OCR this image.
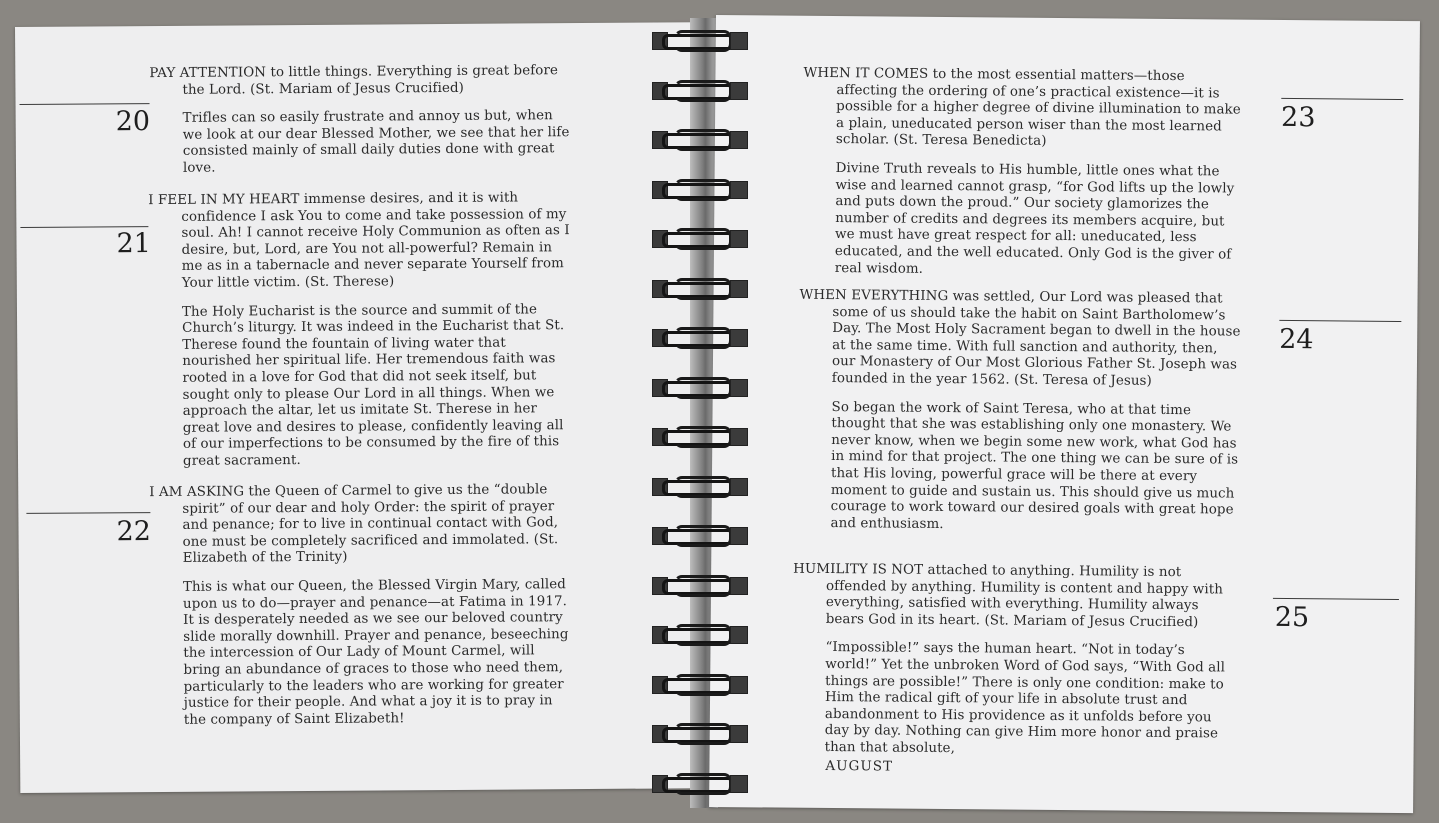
PAY ATTENTION to little things. Everything is great before the Lord. (St. Mariam of Jesus Crucified)

Trifles can so easily frustrate and annoy us but, when we look at our dear Blessed Mother, we see that her life consisted mainly of small daily duties done with great love.

20

I FEEL IN MY HEART immense desires, and it is with confidence I ask You to come and take possession of my soul. Ah! I cannot receive Holy Communion as often as I desire, but, Lord, are You not all-powerful? Remain in me as in a tabernacle and never separate Yourself from Your little victim. (St. Therese)

The Holy Eucharist is the source and summit of the Church’s liturgy. It was indeed in the Eucharist that St. Therese found the fountain of living water that nourished her spiritual life. Her tremendous faith was rooted in a love for God that did not seek itself, but sought only to please Our Lord in all things. When we approach the altar, let us imitate St. Therese in her great love and desires to please, confidently leaving all of our imperfections to be consumed by the fire of this great sacrament.

21

I AM ASKING the Queen of Carmel to give us the “double spirit” of our dear and holy Order: the spirit of prayer and penance; for to live in continual contact with God, one must be completely sacrificed and immolated. (St. Elizabeth of the Trinity)

This is what our Queen, the Blessed Virgin Mary, called upon us to do—prayer and penance—at Fatima in 1917. It is desperately needed as we see our beloved country slide morally downhill. Prayer and penance, beseeching the intercession of Our Lady of Mount Carmel, will bring an abundance of graces to those who need them, particularly to the leaders who are working for greater justice for their people. And what a joy it is to pray in the company of Saint Elizabeth!

22

WHEN IT COMES to the most essential matters—those affecting the ordering of one’s practical existence—it is possible for a higher degree of divine illumination to make a plain, uneducated person wiser than the most learned scholar. (St. Teresa Benedicta)

Divine Truth reveals to His humble, little ones what the wise and learned cannot grasp, “for God lifts up the lowly and puts down the proud.” Our society glamorizes the number of credits and degrees its members acquire, but we must have great respect for all: uneducated, less educated, and the well educated. Only God is the giver of real wisdom.

23

WHEN EVERYTHING was settled, Our Lord was pleased that some of us should take the habit on Saint Bartholomew’s Day. The Most Holy Sacrament began to dwell in the house at the same time. With full sanction and authority, then, our Monastery of Our Most Glorious Father St. Joseph was founded in the year 1562. (St. Teresa of Jesus)

So began the work of Saint Teresa, who at that time thought that she was establishing only one monastery. We never know, when we begin some new work, what God has in mind for that project. The one thing we can be sure of is that His loving, powerful grace will be there at every moment to guide and sustain us. This should give us much courage to work toward our desired goals with great hope and enthusiasm.

24

HUMILITY IS NOT attached to anything. Humility is not offended by anything. Humility is content and happy with everything, satisfied with everything. Humility always bears God in its heart. (St. Mariam of Jesus Crucified)

“Impossible!” says the human heart. “Not in today’s world!” Yet the unbroken Word of God says, “With God all things are possible!” There is only one condition: make to Him the radical gift of your life in absolute trust and abandonment to His providence as it unfolds before you day by day. Nothing can give Him more honor and praise than that absolute,

25
AUGUST
